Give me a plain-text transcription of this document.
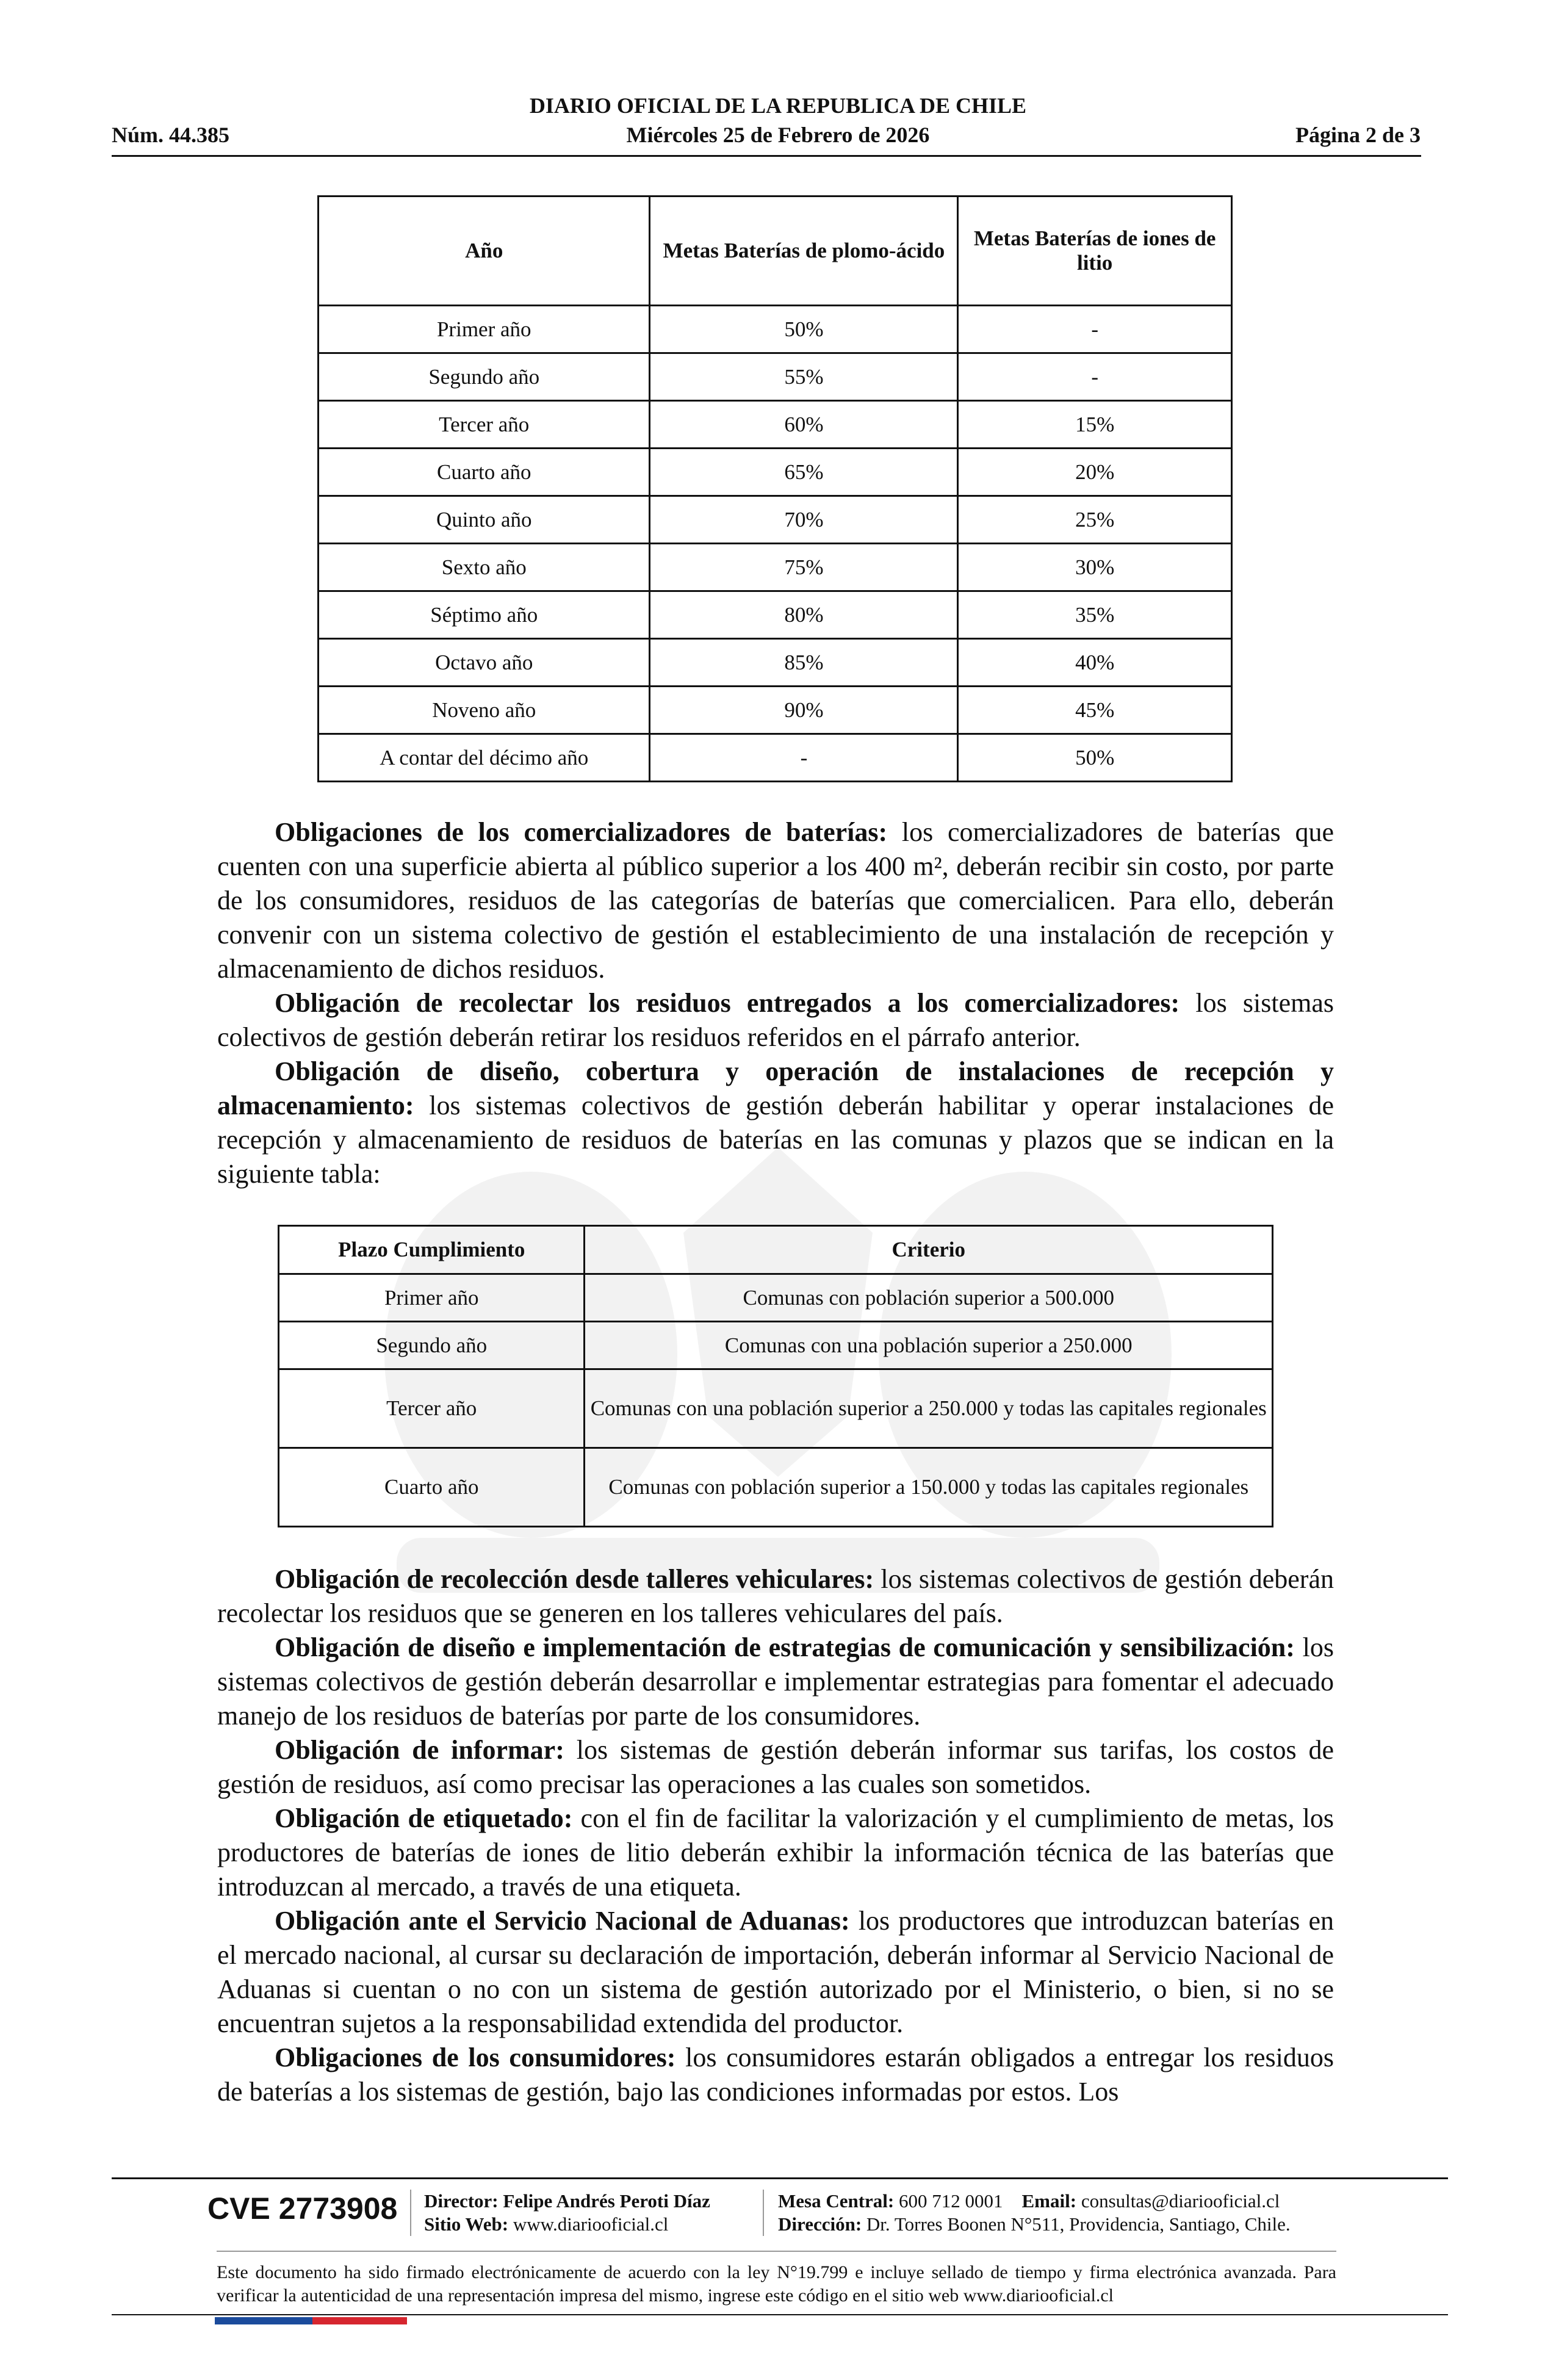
DIARIO OFICIAL DE LA REPUBLICA DE CHILE
Núm. 44.385	Miércoles 25 de Febrero de 2026	Página 2 de 3
Año	Metas Baterías de plomo-ácido	Metas Baterías de iones de litio
Primer año	50%	-
Segundo año	55%	-
Tercer año	60%	15%
Cuarto año	65%	20%
Quinto año	70%	25%
Sexto año	75%	30%
Séptimo año	80%	35%
Octavo año	85%	40%
Noveno año	90%	45%
A contar del décimo año	-	50%

Obligaciones de los comercializadores de baterías: los comercializadores de baterías que cuenten con una superficie abierta al público superior a los 400 m², deberán recibir sin costo, por parte de los consumidores, residuos de las categorías de baterías que comercialicen. Para ello, deberán convenir con un sistema colectivo de gestión el establecimiento de una instalación de recepción y almacenamiento de dichos residuos.

Obligación de recolectar los residuos entregados a los comercializadores: los sistemas colectivos de gestión deberán retirar los residuos referidos en el párrafo anterior.

Obligación de diseño, cobertura y operación de instalaciones de recepción y almacenamiento: los sistemas colectivos de gestión deberán habilitar y operar instalaciones de recepción y almacenamiento de residuos de baterías en las comunas y plazos que se indican en la siguiente tabla:

Plazo Cumplimiento	Criterio
Primer año	Comunas con población superior a 500.000
Segundo año	Comunas con una población superior a 250.000
Tercer año	Comunas con una población superior a 250.000 y todas las capitales regionales
Cuarto año	Comunas con población superior a 150.000 y todas las capitales regionales

Obligación de recolección desde talleres vehiculares: los sistemas colectivos de gestión deberán recolectar los residuos que se generen en los talleres vehiculares del país.

Obligación de diseño e implementación de estrategias de comunicación y sensibilización: los sistemas colectivos de gestión deberán desarrollar e implementar estrategias para fomentar el adecuado manejo de los residuos de baterías por parte de los consumidores.

Obligación de informar: los sistemas de gestión deberán informar sus tarifas, los costos de gestión de residuos, así como precisar las operaciones a las cuales son sometidos.

Obligación de etiquetado: con el fin de facilitar la valorización y el cumplimiento de metas, los productores de baterías de iones de litio deberán exhibir la información técnica de las baterías que introduzcan al mercado, a través de una etiqueta.

Obligación ante el Servicio Nacional de Aduanas: los productores que introduzcan baterías en el mercado nacional, al cursar su declaración de importación, deberán informar al Servicio Nacional de Aduanas si cuentan o no con un sistema de gestión autorizado por el Ministerio, o bien, si no se encuentran sujetos a la responsabilidad extendida del productor.

Obligaciones de los consumidores: los consumidores estarán obligados a entregar los residuos de baterías a los sistemas de gestión, bajo las condiciones informadas por estos. Los

CVE 2773908 Director: Felipe Andrés Peroti Díaz
Sitio Web: www.diariooficial.cl
Mesa Central: 600 712 0001 Email: consultas@diariooficial.cl
Dirección: Dr. Torres Boonen N°511, Providencia, Santiago, Chile.
Este documento ha sido firmado electrónicamente de acuerdo con la ley N°19.799 e incluye sellado de tiempo y firma electrónica avanzada. Para verificar la autenticidad de una representación impresa del mismo, ingrese este código en el sitio web www.diariooficial.cl
